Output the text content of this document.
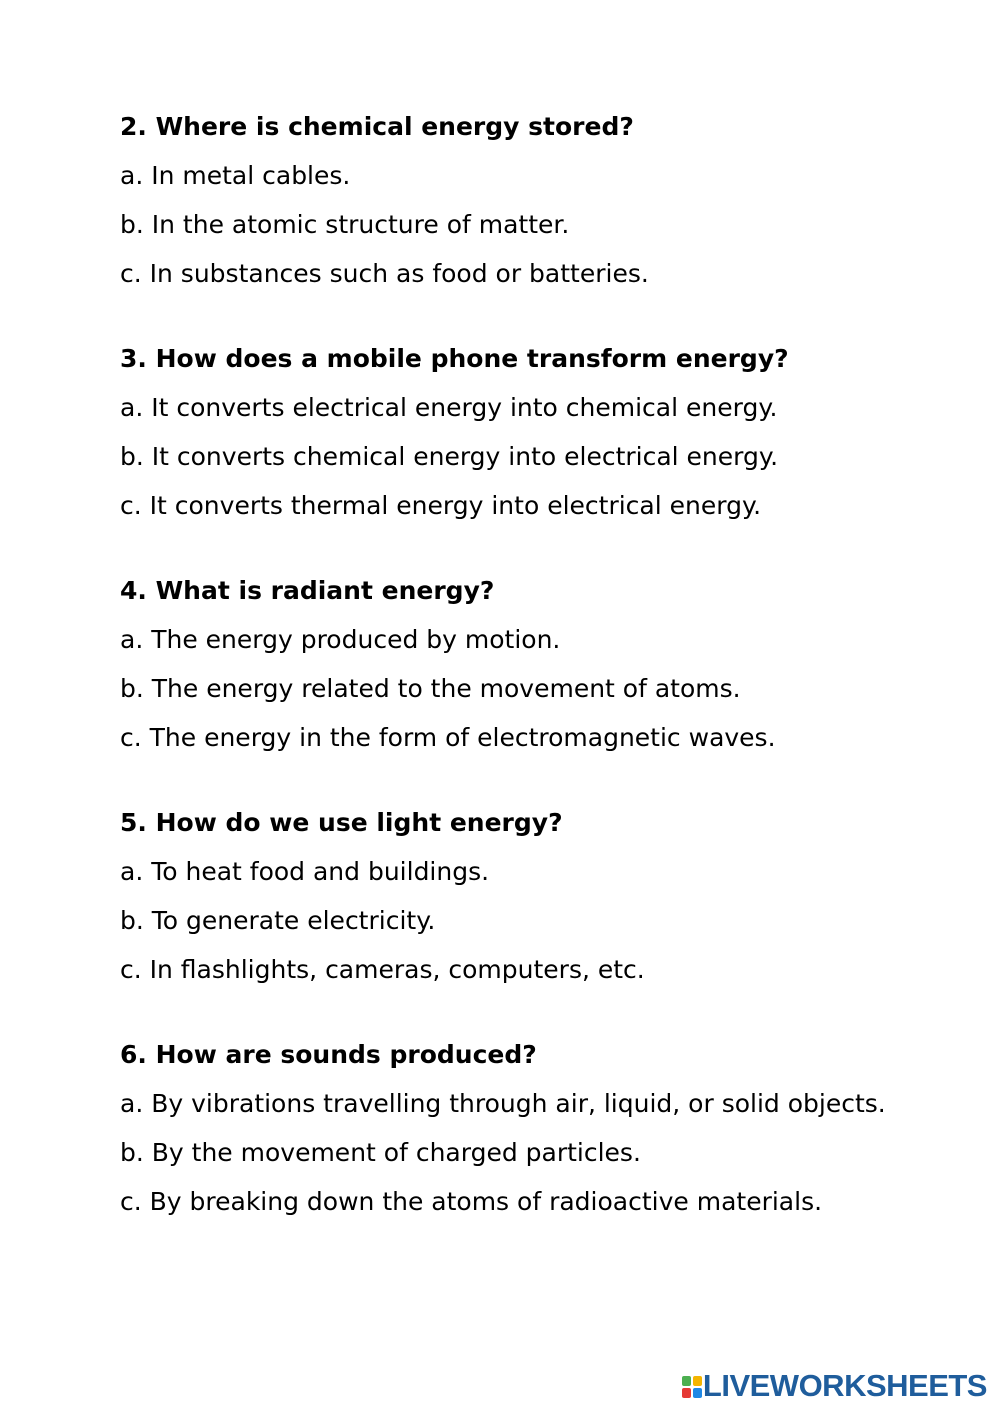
2. Where is chemical energy stored?
a. In metal cables.
b. In the atomic structure of matter.
c. In substances such as food or batteries.
3. How does a mobile phone transform energy?
a. It converts electrical energy into chemical energy.
b. It converts chemical energy into electrical energy.
c. It converts thermal energy into electrical energy.
4. What is radiant energy?
a. The energy produced by motion.
b. The energy related to the movement of atoms.
c. The energy in the form of electromagnetic waves.
5. How do we use light energy?
a. To heat food and buildings.
b. To generate electricity.
c. In flashlights, cameras, computers, etc.
6. How are sounds produced?
a. By vibrations travelling through air, liquid, or solid objects.
b. By the movement of charged particles.
c. By breaking down the atoms of radioactive materials.
LIVEWORKSHEETS
